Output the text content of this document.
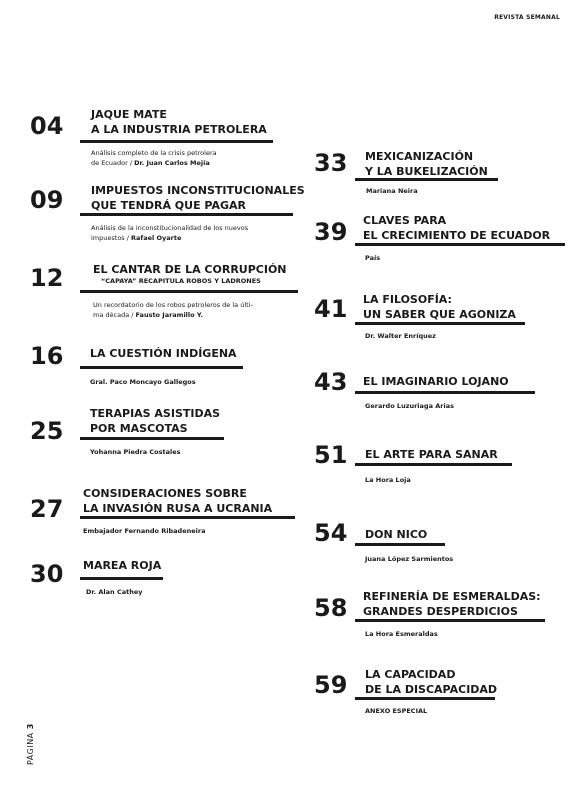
REVISTA SEMANAL
04	JAQUE MATE
A LA INDUSTRIA PETROLERA
Análisis completo de la crisis petrolera
de Ecuador / Dr. Juan Carlos Mejía
09	IMPUESTOS INCONSTITUCIONALES
QUE TENDRÁ QUE PAGAR
Análisis de la inconstitucionalidad de los nuevos
impuestos / Rafael Oyarte
12	EL CANTAR DE LA CORRUPCIÓN
“CAPAYA” RECAPITULA ROBOS Y LADRONES
Un recordatorio de los robos petroleros de la últi-
ma década / Fausto Jaramillo Y.
16 LA CUESTIÓN INDÍGENA
Gral. Paco Moncayo Gallegos
25
TERAPIAS ASISTIDAS
POR MASCOTAS
Yohanna Piedra Costales
27
CONSIDERACIONES SOBRE
LA INVASIÓN RUSA A UCRANIA
Embajador Fernando Ribadeneira
30 MAREA ROJA
Dr. Alan Cathey
33 MEXICANIZACIÓN
Y LA BUKELIZACIÓN
Mariana Neira
39 CLAVES PARA
EL CRECIMIENTO DE ECUADOR
País
41 LA FILOSOFÍA:
UN SABER QUE AGONIZA
Dr. Walter Enríquez
43 EL IMAGINARIO LOJANO
Gerardo Luzuriaga Arias
51 EL ARTE PARA SANAR
La Hora Loja
54 DON NICO
Juana López Sarmientos
58 REFINERÍA DE ESMERALDAS:
GRANDES DESPERDICIOS
La Hora Esmeraldas
59 LA CAPACIDAD
DE LA DISCAPACIDAD
ANEXO ESPECIAL
PÁGINA 3
